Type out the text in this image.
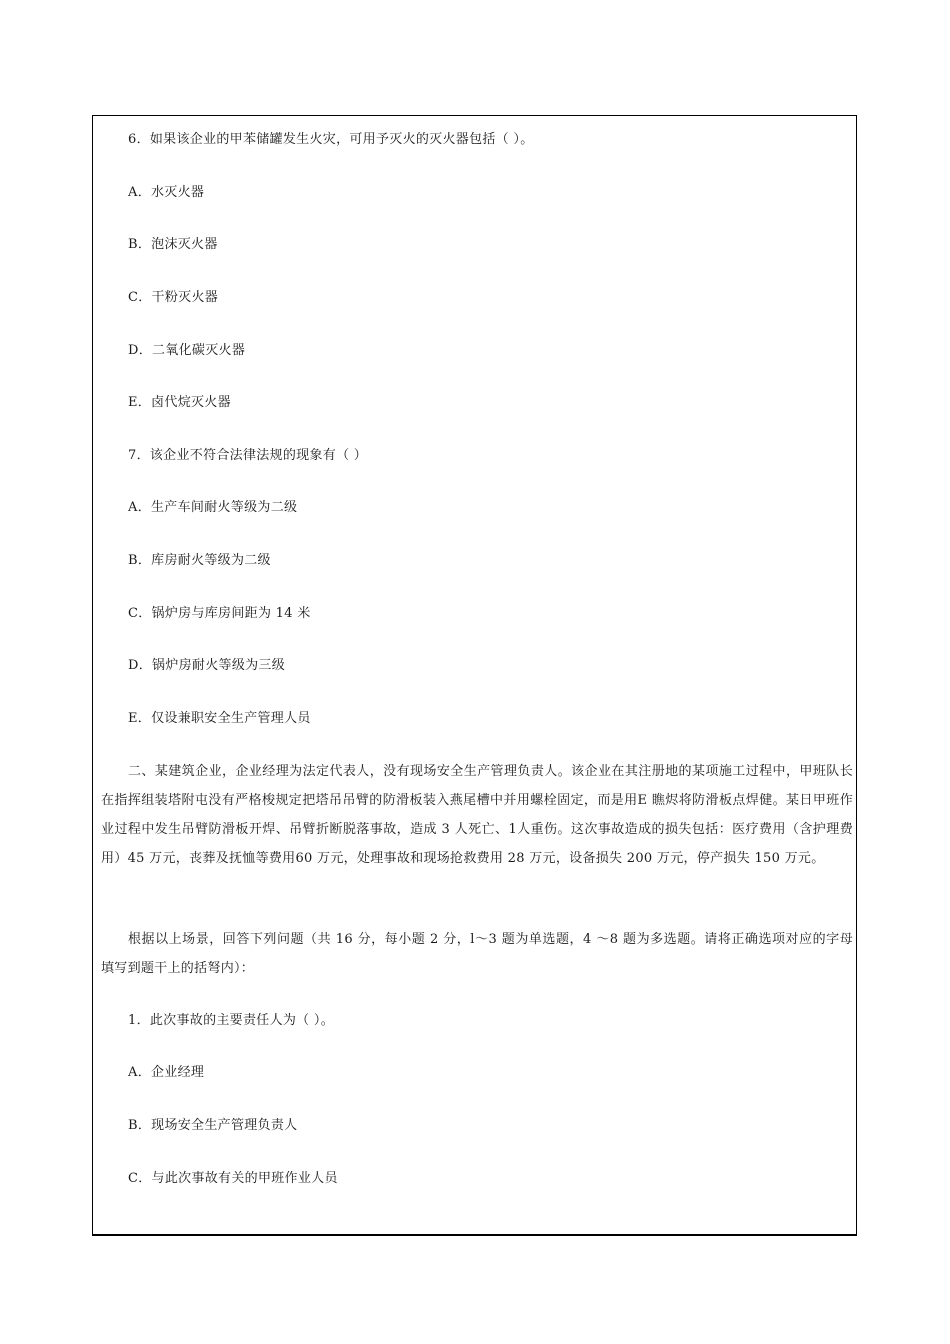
6．如果该企业的甲苯储罐发生火灾，可用予灭火的灭火器包括（ ）。
A．水灭火器
B．泡沫灭火器
C．干粉灭火器
D．二氧化碳灭火器
E．卤代烷灭火器
7．该企业不符合法律法规的现象有（ ）
A．生产车间耐火等级为二级
B．库房耐火等级为二级
C．锅炉房与库房间距为 14 米
D．锅炉房耐火等级为三级
E．仅设兼职安全生产管理人员

二、某建筑企业，企业经理为法定代表人，没有现场安全生产管理负责人。该企业在其注册地的某项施工过程中，甲班队长在指挥组装塔附屯没有严格梭规定把塔吊吊臂的防滑板装入燕尾槽中并用螺栓固定，而是用E 瞧烬将防滑板点焊健。某日甲班作业过程中发生吊臂防滑板开焊、吊臂折断脱落事故，造成 3 人死亡、1人重伤。这次事故造成的损失包括：医疗费用（含护理费用）45 万元，丧葬及抚恤等费用60 万元，处理事故和现场抢救费用 28 万元，设备损失 200 万元，停产损失 150 万元。

根据以上场景，回答下列问题（共 16 分，每小题 2 分，l～3 题为单选题，4 ～8 题为多选题。请将正确选项对应的字母填写到题干上的括弩内）：

1．此次事故的主要责任人为（ ）。
A．企业经理
B．现场安全生产管理负责人
C．与此次事故有关的甲班作业人员
